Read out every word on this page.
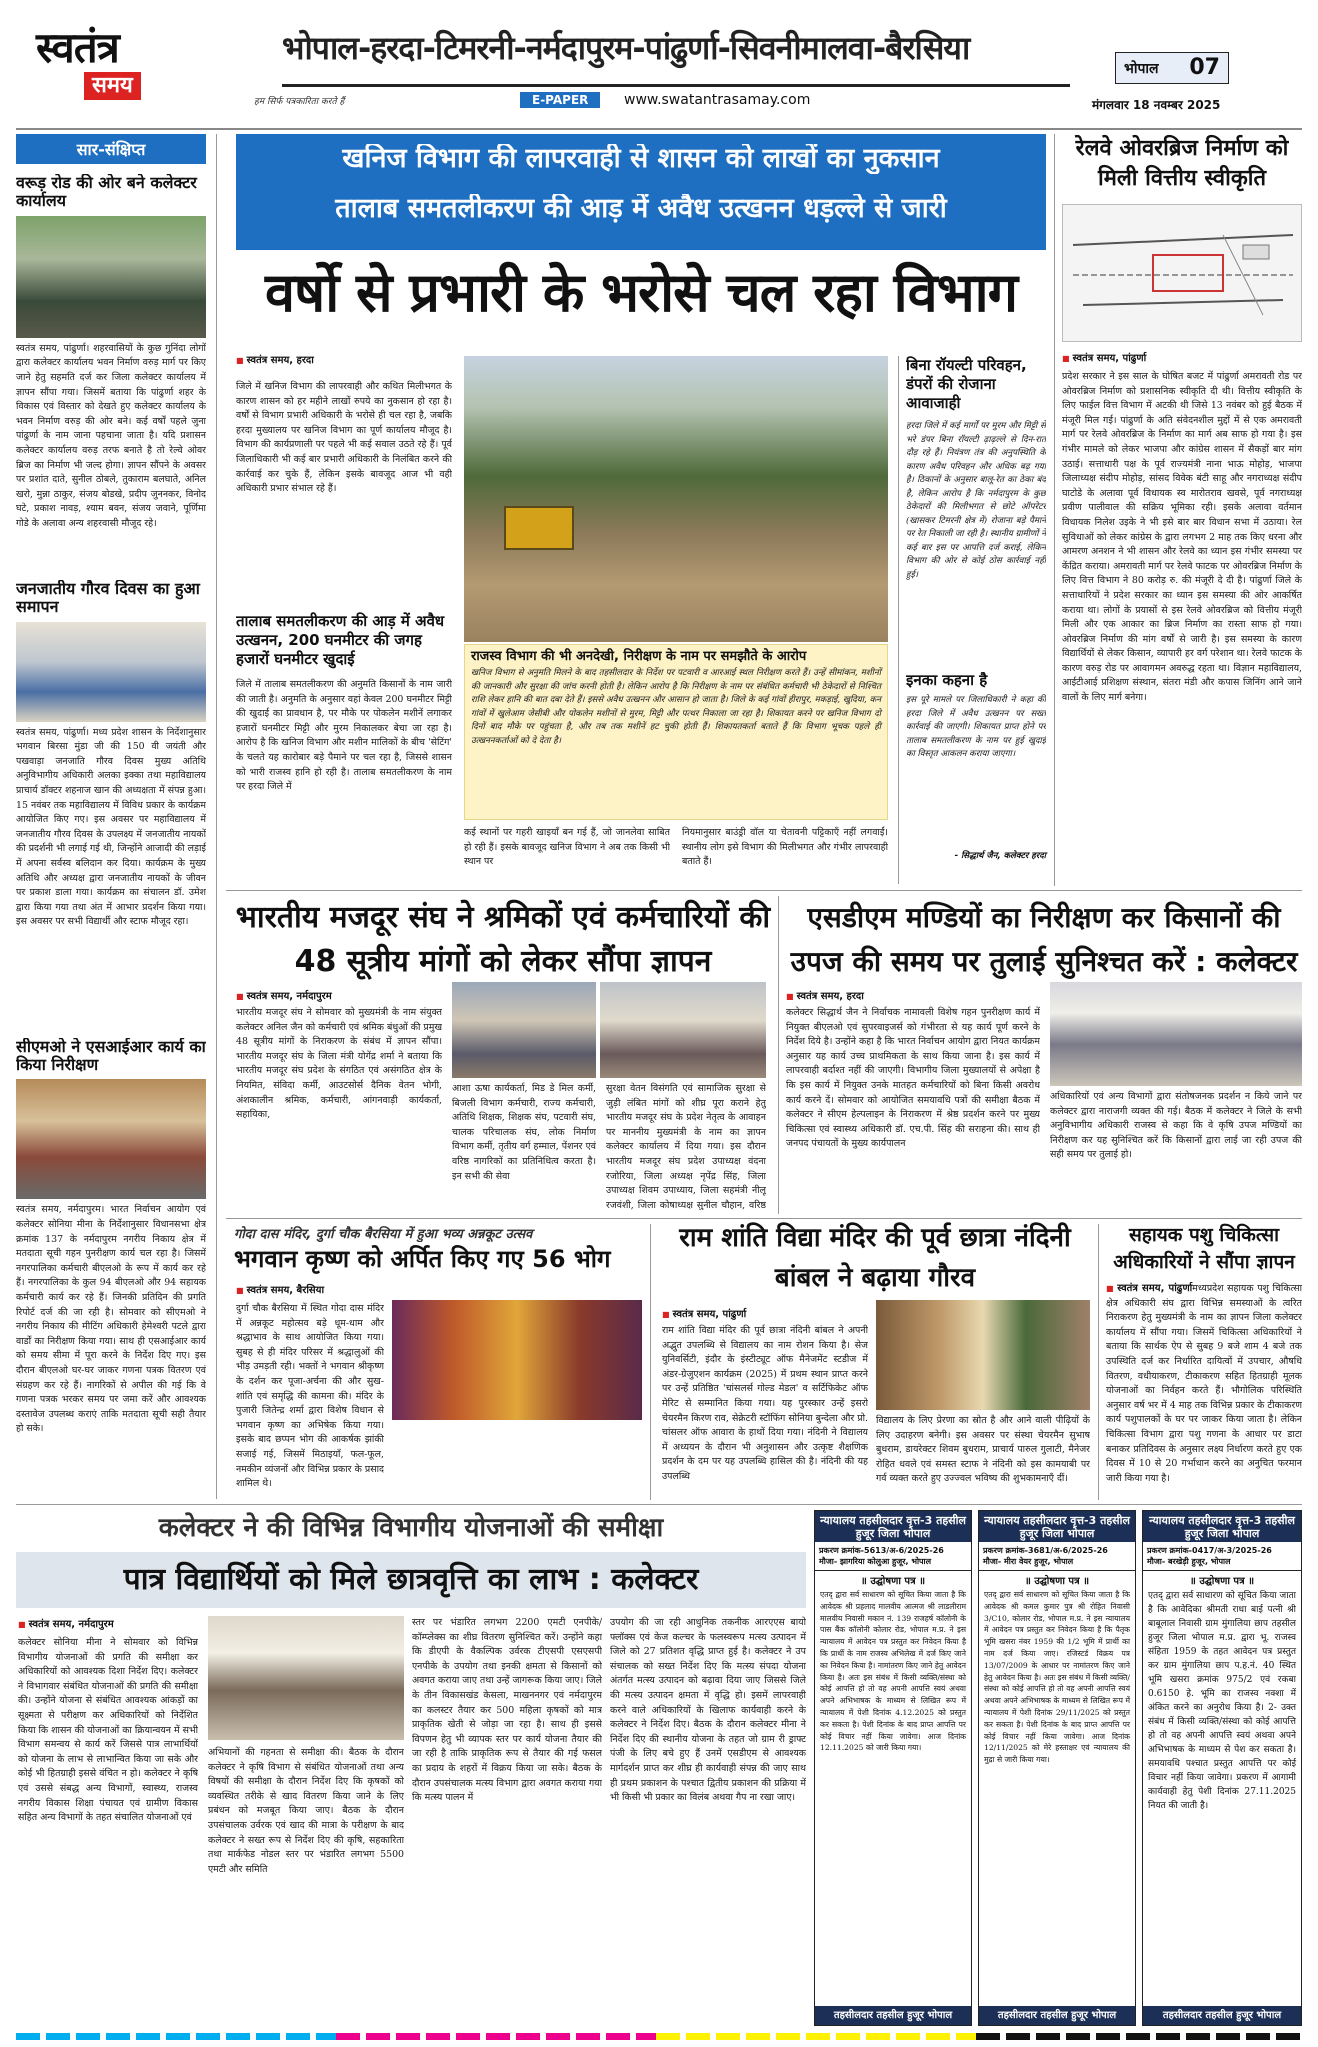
स्वतंत्र
समय
हम सिर्फ पत्रकारिता करते हैं
भोपाल-हरदा-टिमरनी-नर्मदापुरम-पांढुर्णा-सिवनीमालवा-बैरसिया
E-PAPER	www.swatantrasamay.com
भोपाल 07
मंगलवार 18 नवम्बर 2025
सार-संक्षिप्त
वरूड़ रोड की ओर बने कलेक्टर कार्यालय
स्वतंत्र समय, पांढुर्णा। शहरवासियों के कुछ गुनिंदा लोगों द्वारा कलेक्टर कार्यालय भवन निर्माण वरुड़ मार्ग पर किए जाने हेतु सहमति दर्ज कर जिला कलेक्टर कार्यालय में ज्ञापन सौंपा गया। जिसमें बताया कि पांढुर्णा शहर के विकास एवं विस्तार को देखते हुए कलेक्टर कार्यालय के भवन निर्माण वरुड़ की ओर बने। कई वर्षों पहले जुना पांढुर्णा के नाम जाना पहचाना जाता है। यदि प्रशासन कलेक्टर कार्यालय वरुड़ तरफ बनाते है तो रेल्वे ओवर ब्रिज का निर्माण भी जल्द होगा। ज्ञापन सौंपने के अवसर पर प्रशांत दाते, सुनील ठोबले, तुकाराम बलघाते, अनिल खरो, मुन्ना ठाकुर, संजय बोडखे, प्रदीप जुननकर, विनोद घटे, प्रकाश नावड़, श्याम बवन, संजय जवाने, पूर्णिमा गोडे के अलावा अन्य शहरवासी मौजूद रहे।
जनजातीय गौरव दिवस का हुआ समापन
स्वतंत्र समय, पांढुर्णा। मध्य प्रदेश शासन के निर्देशानुसार भगवान बिरसा मुंडा जी की 150 वी जयंती और पखवाड़ा जनजाति गौरव दिवस मुख्य अतिथि अनुविभागीय अधिकारी अलका इक्का तथा महाविद्यालय प्राचार्य डॉक्टर शहनाज खान की अध्यक्षता में संपन्न हुआ। 15 नवंबर तक महाविद्यालय में विविध प्रकार के कार्यक्रम आयोजित किए गए। इस अवसर पर महाविद्यालय में जनजातीय गौरव दिवस के उपलक्ष्य में जनजातीय नायकों की प्रदर्शनी भी लगाई गई थी, जिन्होंने आजादी की लड़ाई में अपना सर्वस्व बलिदान कर दिया। कार्यक्रम के मुख्य अतिथि और अध्यक्ष द्वारा जनजातीय नायकों के जीवन पर प्रकाश डाला गया। कार्यक्रम का संचालन डॉ. उमेश द्वारा किया गया तथा अंत में आभार प्रदर्शन किया गया। इस अवसर पर सभी विद्यार्थी और स्टाफ मौजूद रहा।
सीएमओ ने एसआईआर कार्य का किया निरीक्षण
स्वतंत्र समय, नर्मदापुरम। भारत निर्वाचन आयोग एवं कलेक्टर सोनिया मीना के निर्देशानुसार विधानसभा क्षेत्र क्रमांक 137 के नर्मदापुरम नगरीय निकाय क्षेत्र में मतदाता सूची गहन पुनरीक्षण कार्य चल रहा है। जिसमें नगरपालिका कर्मचारी बीएलओ के रूप में कार्य कर रहे हैं। नगरपालिका के कुल 94 बीएलओ और 94 सहायक कर्मचारी कार्य कर रहे हैं। जिनकी प्रतिदिन की प्रगति रिपोर्ट दर्ज की जा रही है। सोमवार को सीएमओ ने नगरीय निकाय की मीटिंग अधिकारी हेमेश्वरी पटले द्वारा वार्डों का निरीक्षण किया गया। साथ ही एसआईआर कार्य को समय सीमा में पूरा करने के निर्देश दिए गए। इस दौरान बीएलओ घर-घर जाकर गणना पत्रक वितरण एवं संग्रहण कर रहे हैं। नागरिकों से अपील की गई कि वे गणना पत्रक भरकर समय पर जमा करें और आवश्यक दस्तावेज उपलब्ध कराएं ताकि मतदाता सूची सही तैयार हो सके।
खनिज विभाग की लापरवाही से शासन को लाखों का नुकसान
तालाब समतलीकरण की आड़ में अवैध उत्खनन धड़ल्ले से जारी
वर्षो से प्रभारी के भरोसे चल रहा विभाग
■ स्वतंत्र समय, हरदा
जिले में खनिज विभाग की लापरवाही और कथित मिलीभगत के कारण शासन को हर महीने लाखों रुपये का नुकसान हो रहा है। वर्षों से विभाग प्रभारी अधिकारी के भरोसे ही चल रहा है, जबकि हरदा मुख्यालय पर खनिज विभाग का पूर्ण कार्यालय मौजूद है। विभाग की कार्यप्रणाली पर पहले भी कई सवाल उठते रहे हैं। पूर्व जिलाधिकारी भी कई बार प्रभारी अधिकारी के निलंबित करने की कार्रवाई कर चुके हैं, लेकिन इसके बावजूद आज भी वही अधिकारी प्रभार संभाल रहे हैं।
तालाब समतलीकरण की आड़ में अवैध उत्खनन, 200 घनमीटर की जगह हजारों घनमीटर खुदाई
जिले में तालाब समतलीकरण की अनुमति किसानों के नाम जारी की जाती है। अनुमति के अनुसार वहां केवल 200 घनमीटर मिट्टी की खुदाई का प्रावधान है, पर मौके पर पोकलेन मशीनें लगाकर हजारों घनमीटर मिट्टी और मुरम निकालकर बेचा जा रहा है। आरोप है कि खनिज विभाग और मशीन मालिकों के बीच 'सेटिंग' के चलते यह कारोबार बड़े पैमाने पर चल रहा है, जिससे शासन को भारी राजस्व हानि हो रही है। तालाब समतलीकरण के नाम पर हरदा जिले में
राजस्व विभाग की भी अनदेखी, निरीक्षण के नाम पर समझौते के आरोप
खनिज विभाग से अनुमति मिलने के बाद तहसीलदार के निर्देश पर पटवारी व आरआई स्थल निरीक्षण करते हैं। उन्हें सीमांकन, मशीनों की जानकारी और सुरक्षा की जांच करनी होती है। लेकिन आरोप है कि निरीक्षण के नाम पर संबंधित कर्मचारी भी ठेकेदारों से निश्चित राशि लेकर हानि की बात दबा देते हैं। इससे अवैध उत्खनन और आसान हो जाता है। जिले के कई गांवों हीरापुर, मकड़ाई, खुदिया, कन गांवों में खुलेआम जेसीबी और पोकलेन मशीनों से मुरम, मिट्टी और पत्थर निकाला जा रहा है। शिकायत करने पर खनिज विभाग दो दिनों बाद मौके पर पहुंचता है, और तब तक मशीनें हट चुकी होती हैं। शिकायतकर्ता बताते हैं कि विभाग भूचक पहले ही उत्खननकर्ताओं को दे देता है।
कई स्थानों पर गहरी खाइयाँ बन गई हैं, जो जानलेवा साबित हो रही हैं। इसके बावजूद खनिज विभाग ने अब तक किसी भी स्थान पर
नियमानुसार बाउंड्री वॉल या चेतावनी पट्टिकाएँ नहीं लगवाईं। स्थानीय लोग इसे विभाग की मिलीभगत और गंभीर लापरवाही बताते हैं।
बिना रॉयल्टी परिवहन, डंपरों की रोजाना आवाजाही
हरदा जिले में कई मार्गों पर मुरम और मिट्टी से भरे डंपर बिना रॉयल्टी ढ़ाढ़ल्ले से दिन-रात दौड़ रहे हैं। नियंत्रण तंत्र की अनुपस्थिति के कारण अवैध परिवहन और अधिक बढ़ गया है। ठिकानों के अनुसार बालू-रेत का ठेका बंद है, लेकिन आरोप है कि नर्मदापुरम के कुछ ठेकेदारों की मिलीभगत से छोटे ऑपरेटर (खासकर टिमरनी क्षेत्र में) रोजाना बड़े पैमाने पर रेत निकाली जा रही है। स्थानीय ग्रामीणों ने कई बार इस पर आपत्ति दर्ज कराई, लेकिन विभाग की ओर से कोई ठोस कार्रवाई नहीं हुई।
इनका कहना है
इस पूरे मामले पर जिलाधिकारी ने कहा की हरदा जिले में अवैध उत्खनन पर सख्त कार्रवाई की जाएगी। शिकायत प्राप्त होने पर तालाब समतलीकरण के नाम पर हुई खुदाई का विस्तृत आकलन कराया जाएगा।
- सिद्धार्थ जैन, कलेक्टर हरदा
रेलवे ओवरब्रिज निर्माण को मिली वित्तीय स्वीकृति
■ स्वतंत्र समय, पांढुर्णा
प्रदेश सरकार ने इस साल के घोषित बजट में पांढुर्णा अमरावती रोड पर ओवरब्रिज निर्माण को प्रशासनिक स्वीकृति दी थी। वित्तीय स्वीकृति के लिए फाईल वित्त विभाग में अटकी थी जिसे 13 नवंबर को हुई बैठक में मंजूरी मिल गई। पांढुर्णा के अति संवेदनशील मुद्दों में से एक अमरावती मार्ग पर रेलवे ओवरब्रिज के निर्माण का मार्ग अब साफ हो गया है। इस गंभीर मामले को लेकर भाजपा और कांग्रेस शासन में सैकड़ों बार मांग उठाई। सत्ताधारी पक्ष के पूर्व राज्यमंत्री नाना भाऊ मोहोड़, भाजपा जिलाध्यक्ष संदीप मोहोड़, सांसद विवेक बंटी साहू और नगराध्यक्ष संदीप घाटोडे के अलावा पूर्व विधायक स्व मारोतराव खवसे, पूर्व नगराध्यक्ष प्रवीण पालीवाल की सक्रिय भूमिका रही। इसके अलावा वर्तमान विधायक निलेश उइके ने भी इसे बार बार विधान सभा में उठाया। रेल सुविधाओं को लेकर कांग्रेस के द्वारा लगभग 2 माह तक किए धरना और आमरण अनशन ने भी शासन और रेलवे का ध्यान इस गंभीर समस्या पर केंद्रित कराया। अमरावती मार्ग पर रेलवे फाटक पर ओवरब्रिज निर्माण के लिए वित्त विभाग ने 80 करोड़ रु. की मंजूरी दे दी है। पांढुर्णा जिले के सत्ताधारियों ने प्रदेश सरकार का ध्यान इस समस्या की ओर आकर्षित कराया था। लोगों के प्रयासों से इस रेलवे ओवरब्रिज को वित्तीय मंजूरी मिली और एक आकार का ब्रिज निर्माण का रास्ता साफ हो गया। ओवरब्रिज निर्माण की मांग वर्षों से जारी है। इस समस्या के कारण विद्यार्थियों से लेकर किसान, व्यापारी हर वर्ग परेशान था। रेलवे फाटक के कारण वरुड़ रोड पर आवागमन अवरुद्ध रहता था। विज्ञान महाविद्यालय, आईटीआई प्रशिक्षण संस्थान, संतरा मंडी और कपास जिनिंग आने जाने वालों के लिए मार्ग बनेगा।
भारतीय मजदूर संघ ने श्रमिकों एवं कर्मचारियों की 48 सूत्रीय मांगों को लेकर सौंपा ज्ञापन
■ स्वतंत्र समय, नर्मदापुरम
भारतीय मजदूर संघ ने सोमवार को मुख्यमंत्री के नाम संयुक्त कलेक्टर अनिल जैन को कर्मचारी एवं श्रमिक बंधुओं की प्रमुख 48 सूत्रीय मांगों के निराकरण के संबंध में ज्ञापन सौंपा। भारतीय मजदूर संघ के जिला मंत्री योगेंद्र शर्मा ने बताया कि भारतीय मजदूर संघ प्रदेश के संगठित एवं असंगठित क्षेत्र के नियमित, संविदा कर्मी, आउटसोर्स दैनिक वेतन भोगी, अंशकालीन श्रमिक, कर्मचारी, आंगनवाड़ी कार्यकर्ता, सहायिका,
आशा ऊषा कार्यकर्ता, मिड डे मिल कर्मी, बिजली विभाग कर्मचारी, राज्य कर्मचारी, अतिथि शिक्षक, शिक्षक संघ, पटवारी संघ, चालक परिचालक संघ, लोक निर्माण विभाग कर्मी, तृतीय वर्ग हम्माल, पेंशनर एवं वरिष्ठ नागरिकों का प्रतिनिधित्व करता है। इन सभी की सेवा
सुरक्षा वेतन विसंगति एवं सामाजिक सुरक्षा से जुड़ी लंबित मांगों को शीघ्र पूरा कराने हेतु भारतीय मजदूर संघ के प्रदेश नेतृत्व के आवाहन पर माननीय मुख्यमंत्री के नाम का ज्ञापन कलेक्टर कार्यालय में दिया गया। इस दौरान भारतीय मजदूर संघ प्रदेश उपाध्यक्ष वंदना रजोरिया, जिला अध्यक्ष नृपेंद्र सिंह, जिला उपाध्यक्ष शिवम उपाध्याय, जिला सहमंत्री नीलू रजवंशी, जिला कोषाध्यक्ष सुनील चौहान, वरिष्ठ
एसडीएम मण्डियों का निरीक्षण कर किसानों की उपज की समय पर तुलाई सुनिश्चत करें : कलेक्टर
■ स्वतंत्र समय, हरदा
कलेक्टर सिद्धार्थ जैन ने निर्वाचक नामावली विशेष गहन पुनरीक्षण कार्य में नियुक्त बीएलओ एवं सुपरवाइजर्स को गंभीरता से यह कार्य पूर्ण करने के निर्देश दिये है। उन्होंने कहा है कि भारत निर्वाचन आयोग द्वारा नियत कार्यक्रम अनुसार यह कार्य उच्च प्राथमिकता के साथ किया जाना है। इस कार्य में लापरवाही बर्दाश्त नहीं की जाएगी। विभागीय जिला मुख्यालयों से अपेक्षा है कि इस कार्य में नियुक्त उनके मातहत कर्मचारियों को बिना किसी अवरोध कार्य करने दें। सोमवार को आयोजित समयावधि पत्रों की समीक्षा बैठक में कलेक्टर ने सीएम हेल्पलाइन के निराकरण में श्रेष्ठ प्रदर्शन करने पर मुख्य चिकित्सा एवं स्वास्थ्य अधिकारी डॉ. एच.पी. सिंह की सराहना की। साथ ही जनपद पंचायतों के मुख्य कार्यपालन
अधिकारियों एवं अन्य विभागों द्वारा संतोषजनक प्रदर्शन न किये जाने पर कलेक्टर द्वारा नाराजगी व्यक्त की गई। बैठक में कलेक्टर ने जिले के सभी अनुविभागीय अधिकारी राजस्व से कहा कि वे कृषि उपज मण्डियों का निरीक्षण कर यह सुनिश्चित करें कि किसानों द्वारा लाई जा रही उपज की सही समय पर तुलाई हो।
गोदा दास मंदिर, दुर्गा चौक बैरसिया में हुआ भव्य अन्नकूट उत्सव
भगवान कृष्ण को अर्पित किए गए 56 भोग
■ स्वतंत्र समय, बैरसिया
दुर्गा चौक बैरसिया में स्थित गोदा दास मंदिर में अन्नकूट महोत्सव बड़े धूम-धाम और श्रद्धाभाव के साथ आयोजित किया गया। सुबह से ही मंदिर परिसर में श्रद्धालुओं की भीड़ उमड़ती रही। भक्तों ने भगवान श्रीकृष्ण के दर्शन कर पूजा-अर्चना की और सुख-शांति एवं समृद्धि की कामना की। मंदिर के पुजारी जितेन्द्र शर्मा द्वारा विशेष विधान से भगवान कृष्ण का अभिषेक किया गया। इसके बाद छप्पन भोग की आकर्षक झांकी सजाई गई, जिसमें मिठाइयाँ, फल-फूल, नमकीन व्यंजनों और विभिन्न प्रकार के प्रसाद शामिल थे।
राम शांति विद्या मंदिर की पूर्व छात्रा नंदिनी बांबल ने बढ़ाया गौरव
■ स्वतंत्र समय, पांढुर्णा
राम शांति विद्या मंदिर की पूर्व छात्रा नंदिनी बांबल ने अपनी अद्भुत उपलब्धि से विद्यालय का नाम रोशन किया है। सेज युनिवर्सिटी, इंदौर के इंस्टीट्यूट ऑफ मैनेजमेंट स्टडीज में अंडर-ग्रेजुएशन कार्यक्रम (2025) में प्रथम स्थान प्राप्त करने पर उन्हें प्रतिष्ठित 'चांसलर्स गोल्ड मेडल' व सर्टिफिकेट ऑफ मेरिट से सम्मानित किया गया। यह पुरस्कार उन्हें इसरो चेयरमैन किरण राव, सेक्रेटरी स्टॉफिंग सोनिया बुन्देला और प्रो. चांसलर ऑफ आवारा के हाथों दिया गया। नंदिनी ने विद्यालय में अध्ययन के दौरान भी अनुशासन और उत्कृष्ट शैक्षणिक प्रदर्शन के दम पर यह उपलब्धि हासिल की है। नंदिनी की यह उपलब्धि
विद्यालय के लिए प्रेरणा का स्रोत है और आने वाली पीढ़ियों के लिए उदाहरण बनेगी। इस अवसर पर संस्था चेयरमैन सुभाष बुधराम, डायरेक्टर शिवम बुधराम, प्राचार्य पारुल गुलाटी, मैनेजर रोहित धवले एवं समस्त स्टाफ ने नंदिनी को इस कामयाबी पर गर्व व्यक्त करते हुए उज्ज्वल भविष्य की शुभकामनाएँ दीं।
सहायक पशु चिकित्सा अधिकारियों ने सौंपा ज्ञापन
■ स्वतंत्र समय, पांढुर्णामध्यप्रदेश सहायक पशु चिकित्सा क्षेत्र अधिकारी संघ द्वारा विभिन्न समस्याओं के त्वरित निराकरण हेतु मुख्यमंत्री के नाम का ज्ञापन जिला कलेक्टर कार्यालय में सौंपा गया। जिसमें चिकित्सा अधिकारियों ने बताया कि सार्थक ऐप से सुबह 9 बजे शाम 4 बजे तक उपस्थिति दर्ज कर निर्धारित दायित्वों में उपचार, औषधि वितरण, वधीयाकरण, टीकाकरण सहित हितग्राही मूलक योजनाओं का निर्वहन करते हैं। भौगोलिक परिस्थिति अनुसार वर्ष भर में 4 माह तक विभिन्न प्रकार के टीकाकरण कार्य पशुपालकों के घर पर जाकर किया जाता है। लेकिन चिकित्सा विभाग द्वारा पशु गणना के आधार पर डाटा बनाकर प्रतिदिवस के अनुसार लक्ष्य निर्धारण करते हुए एक दिवस में 10 से 20 गर्भाधान करने का अनुचित फरमान जारी किया गया है।
कलेक्टर ने की विभिन्न विभागीय योजनाओं की समीक्षा
पात्र विद्यार्थियों को मिले छात्रवृत्ति का लाभ : कलेक्टर
■ स्वतंत्र समय, नर्मदापुरम
कलेक्टर सोनिया मीना ने सोमवार को विभिन्न विभागीय योजनाओं की प्रगति की समीक्षा कर अधिकारियों को आवश्यक दिशा निर्देश दिए। कलेक्टर ने विभागवार संबंधित योजनाओं की प्रगति की समीक्षा की। उन्होंने योजना से संबंधित आवश्यक आंकड़ों का सूक्ष्मता से परीक्षण कर अधिकारियों को निर्देशित किया कि शासन की योजनाओं का क्रियान्वयन में सभी विभाग समन्वय से कार्य करें जिससे पात्र लाभार्थियों को योजना के लाभ से लाभान्वित किया जा सके और कोई भी हितग्राही इससे वंचित न हो। कलेक्टर ने कृषि एवं उससे संबद्ध अन्य विभागों, स्वास्थ्य, राजस्व नगरीय विकास शिक्षा पंचायत एवं ग्रामीण विकास सहित अन्य विभागों के तहत संचालित योजनाओं एवं
अभियानों की गहनता से समीक्षा की। बैठक के दौरान कलेक्टर ने कृषि विभाग से संबंधित योजनाओं तथा अन्य विषयों की समीक्षा के दौरान निर्देश दिए कि कृषकों को व्यवस्थित तरीके से खाद वितरण किया जाने के लिए प्रबंधन को मजबूत किया जाए। बैठक के दौरान उपसंचालक उर्वरक एवं खाद की मात्रा के परीक्षण के बाद कलेक्टर ने सख्त रूप से निर्देश दिए की कृषि, सहकारिता तथा मार्कफेड नोडल स्तर पर भंडारित लगभग 5500 एमटी और समिति
स्तर पर भंडारित लगभग 2200 एमटी एनपीके/कॉम्प्लेक्स का शीघ्र वितरण सुनिश्चित करें। उन्होंने कहा कि डीएपी के वैकल्पिक उर्वरक टीएसपी एसएसपी एनपीके के उपयोग तथा इनकी क्षमता से किसानों को अवगत कराया जाए तथा उन्हें जागरूक किया जाए। जिले के तीन विकासखंड केसला, माखननगर एवं नर्मदापुरम का कलस्टर तैयार कर 500 महिला कृषकों को मात्र प्राकृतिक खेती से जोड़ा जा रहा है। साथ ही इससे विपणन हेतु भी व्यापक स्तर पर कार्य योजना तैयार की जा रही है ताकि प्राकृतिक रूप से तैयार की गई फसल का प्रदाय के शहरों में विक्रय किया जा सके। बैठक के दौरान उपसंचालक मत्स्य विभाग द्वारा अवगत कराया गया कि मत्स्य पालन में
उपयोग की जा रही आधुनिक तकनीक आरएएस बायो फ्लॉक्स एवं केज कल्चर के फलस्वरूप मत्स्य उत्पादन में जिले को 27 प्रतिशत वृद्धि प्राप्त हुई है। कलेक्टर ने उप संचालक को सख्त निर्देश दिए कि मत्स्य संपदा योजना अंतर्गत मत्स्य उत्पादन को बढ़ावा दिया जाए जिससे जिले की मत्स्य उत्पादन क्षमता में वृद्धि हो। इसमें लापरवाही करने वाले अधिकारियों के खिलाफ कार्यवाही करने के कलेक्टर ने निर्देश दिए। बैठक के दौरान कलेक्टर मीना ने निर्देश दिए की स्थानीय योजना के तहत जो ग्राम री ड्राफ्ट पंजी के लिए बचे हुए हैं उनमें एसडीएम से आवश्यक मार्गदर्शन प्राप्त कर शीघ्र ही कार्यवाही संपन्न की जाए साथ ही प्रथम प्रकाशन के पश्चात द्वितीय प्रकाशन की प्रक्रिया में भी किसी भी प्रकार का विलंब अथवा गैप ना रखा जाए।
न्यायालय तहसीलदार वृत्त-3 तहसील हुजूर जिला भोपाल
प्रकरण क्रमांक-5613/अ-6/2025-26
मौजा- झागरिया कोलुआ हुजूर, भोपाल
॥ उद्घोषणा पत्र ॥
एतद् द्वारा सर्व साधारण को सूचित किया जाता है कि आवेदक श्री प्रहलाद मालवीय आत्मज श्री लाडलीराम मालवीय निवासी मकान नं. 139 राजहर्ष कॉलोनी के पास बैंक कॉलोनी कोलार रोड, भोपाल म.प्र. ने इस न्यायालय में आवेदन पत्र प्रस्तुत कर निवेदन किया है कि प्रार्थी के नाम राजस्व अभिलेख में दर्ज किए जाने का निवेदन किया है। नामांतरण किए जाने हेतु आवेदन किया है। अतः इस संबंध में किसी व्यक्ति/संस्था को कोई आपत्ति हो तो वह अपनी आपत्ति स्वयं अथवा अपने अभिभाषक के माध्यम से लिखित रूप में न्यायालय में पेशी दिनांक 4.12.2025 को प्रस्तुत कर सकता है। पेशी दिनांक के बाद प्राप्त आपत्ति पर कोई विचार नहीं किया जावेगा। आज दिनांक 12.11.2025 को जारी किया गया।
तहसीलदार तहसील हुजूर भोपाल
न्यायालय तहसीलदार वृत्त-3 तहसील हुजूर जिला भोपाल
प्रकरण क्रमांक-3681/अ-6/2025-26
मौजा- मीरा वेयर हुजूर, भोपाल
॥ उद्घोषणा पत्र ॥
एतद् द्वारा सर्व साधारण को सूचित किया जाता है कि आवेदक श्री कमल कुमार पुत्र श्री रोहित निवासी 3/C10, कोलार रोड, भोपाल म.प्र. ने इस न्यायालय में आवेदन पत्र प्रस्तुत कर निवेदन किया है कि पैतृक भूमि खसरा नंबर 1959 की 1/2 भूमि में प्रार्थी का नाम दर्ज किया जाए। रजिस्टर्ड विक्रय पत्र 13/07/2009 के आधार पर नामांतरण किए जाने हेतु आवेदन किया है। अतः इस संबंध में किसी व्यक्ति/संस्था को कोई आपत्ति हो तो वह अपनी आपत्ति स्वयं अथवा अपने अभिभाषक के माध्यम से लिखित रूप में न्यायालय में पेशी दिनांक 29/11/2025 को प्रस्तुत कर सकता है। पेशी दिनांक के बाद प्राप्त आपत्ति पर कोई विचार नहीं किया जावेगा। आज दिनांक 12/11/2025 को मेरे हस्ताक्षर एवं न्यायालय की मुद्रा से जारी किया गया।
तहसीलदार तहसील हुजूर भोपाल
न्यायालय तहसीलदार वृत्त-3 तहसील हुजूर जिला भोपाल
प्रकरण क्रमांक-0417/अ-3/2025-26
मौजा- बरखेड़ी हुजूर, भोपाल
॥ उद्घोषणा पत्र ॥
एतद् द्वारा सर्व साधारण को सूचित किया जाता है कि आवेदिका श्रीमती राधा बाई पत्नी श्री बाबूलाल निवासी ग्राम मुंगालिया छाप तहसील हुजूर जिला भोपाल म.प्र. द्वारा भू. राजस्व संहिता 1959 के तहत आवेदन पत्र प्रस्तुत कर ग्राम मुंगालिया छाप प.ह.नं. 40 स्थित भूमि खसरा क्रमांक 975/2 एवं रकबा 0.6150 हे. भूमि का राजस्व नक्शा में अंकित करने का अनुरोध किया है। 2- उक्त संबंध में किसी व्यक्ति/संस्था को कोई आपत्ति हो तो वह अपनी आपत्ति स्वयं अथवा अपने अभिभाषक के माध्यम से पेश कर सकता है। समयावधि पश्चात प्रस्तुत आपत्ति पर कोई विचार नहीं किया जावेगा। प्रकरण में आगामी कार्यवाही हेतु पेशी दिनांक 27.11.2025 नियत की जाती है।
तहसीलदार तहसील हुजूर भोपाल
